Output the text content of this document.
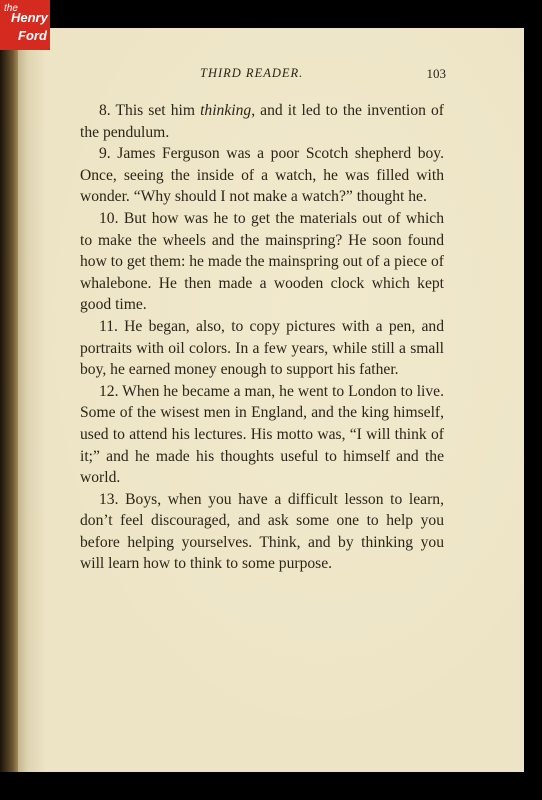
the
Henry
Ford
THIRD READER.	103

8. This set him thinking, and it led to the invention of the pendulum.

9. James Ferguson was a poor Scotch shepherd boy. Once, seeing the inside of a watch, he was filled with wonder. “Why should I not make a watch?” thought he.

10. But how was he to get the materials out of which to make the wheels and the mainspring? He soon found how to get them: he made the mainspring out of a piece of whalebone. He then made a wooden clock which kept good time.

11. He began, also, to copy pictures with a pen, and portraits with oil colors. In a few years, while still a small boy, he earned money enough to support his father.

12. When he became a man, he went to London to live. Some of the wisest men in England, and the king himself, used to attend his lectures. His motto was, “I will think of it;” and he made his thoughts useful to himself and the world.

13. Boys, when you have a difficult lesson to learn, don’t feel discouraged, and ask some one to help you before helping yourselves. Think, and by thinking you will learn how to think to some purpose.
